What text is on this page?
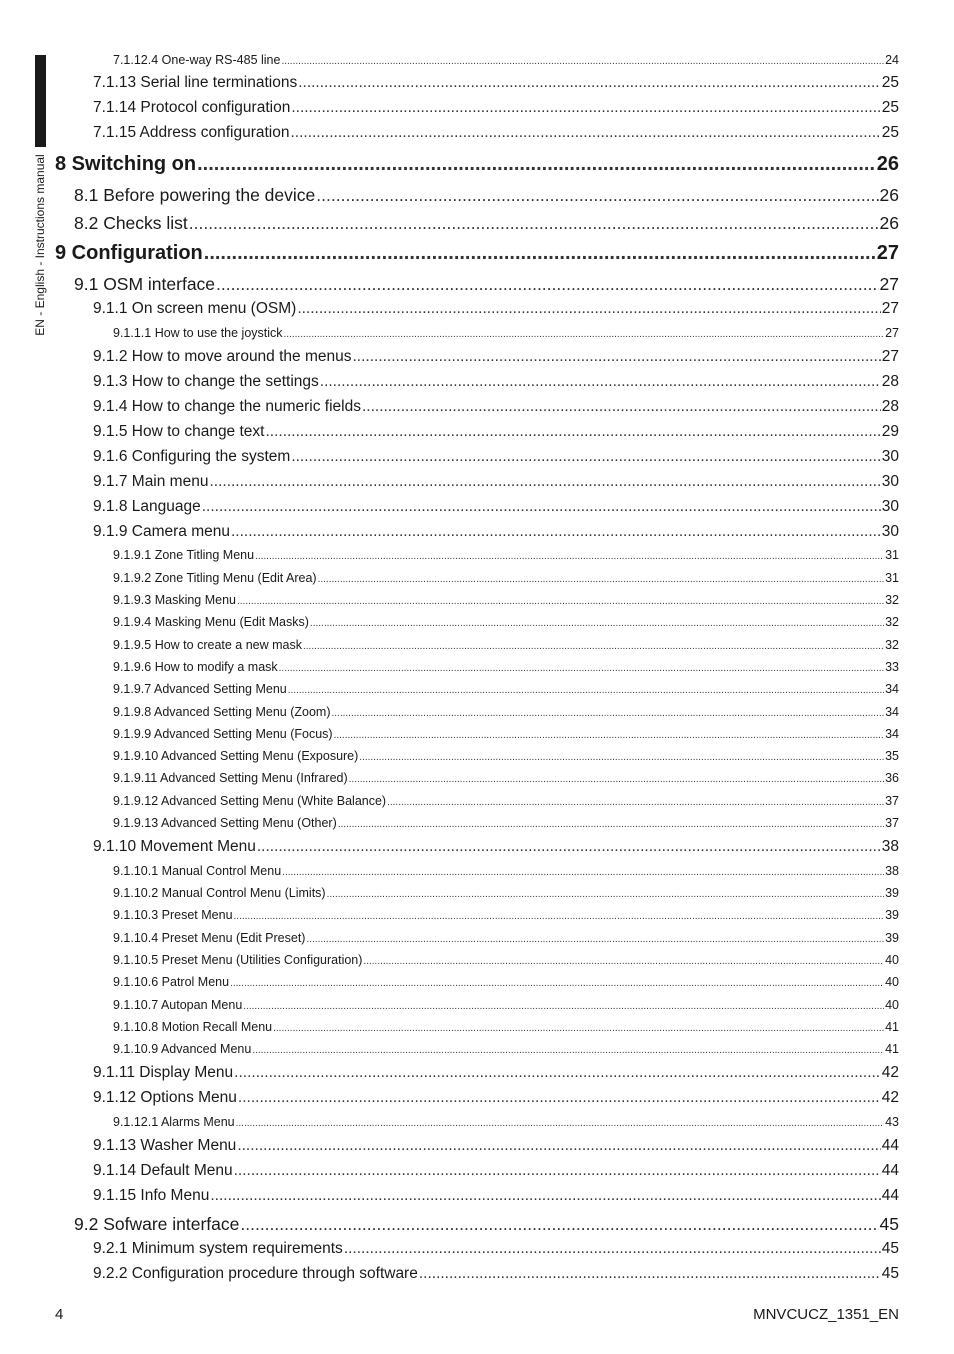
EN - English - Instructions manual
7.1.12.4 One-way RS-485 line .....	24
7.1.13 Serial line terminations .....	25
7.1.14 Protocol configuration .....	25
7.1.15 Address configuration .....	25
8 Switching on .....	26
8.1 Before powering the device .....	26
8.2 Checks list .....	26
9 Configuration .....	27
9.1 OSM interface .....	27
9.1.1 On screen menu (OSM) .....	27
9.1.1.1 How to use the joystick .....	27
9.1.2 How to move around the menus .....	27
9.1.3 How to change the settings .....	28
9.1.4 How to change the numeric fields .....	28
9.1.5 How to change text .....	29
9.1.6 Configuring the system .....	30
9.1.7 Main menu .....	30
9.1.8 Language .....	30
9.1.9 Camera menu .....	30
9.1.9.1 Zone Titling Menu .....	31
9.1.9.2 Zone Titling Menu (Edit Area) .....	31
9.1.9.3 Masking Menu .....	32
9.1.9.4 Masking Menu (Edit Masks) .....	32
9.1.9.5 How to create a new mask .....	32
9.1.9.6 How to modify a mask .....	33
9.1.9.7 Advanced Setting Menu .....	34
9.1.9.8 Advanced Setting Menu (Zoom) .....	34
9.1.9.9 Advanced Setting Menu (Focus) .....	34
9.1.9.10 Advanced Setting Menu (Exposure) .....	35
9.1.9.11 Advanced Setting Menu (Infrared) .....	36
9.1.9.12 Advanced Setting Menu (White Balance) .....	37
9.1.9.13 Advanced Setting Menu (Other) .....	37
9.1.10 Movement Menu .....	38
9.1.10.1 Manual Control Menu .....	38
9.1.10.2 Manual Control Menu (Limits) .....	39
9.1.10.3 Preset Menu .....	39
9.1.10.4 Preset Menu (Edit Preset) .....	39
9.1.10.5 Preset Menu (Utilities Configuration) .....	40
9.1.10.6 Patrol Menu .....	40
9.1.10.7 Autopan Menu .....	40
9.1.10.8 Motion Recall Menu .....	41
9.1.10.9 Advanced Menu .....	41
9.1.11 Display Menu .....	42
9.1.12 Options Menu .....	42
9.1.12.1 Alarms Menu .....	43
9.1.13 Washer Menu .....	44
9.1.14 Default Menu .....	44
9.1.15 Info Menu .....	44
9.2 Sofware interface .....	45
9.2.1 Minimum system requirements .....	45
9.2.2 Configuration procedure through software .....	45
4	MNVCUCZ_1351_EN
